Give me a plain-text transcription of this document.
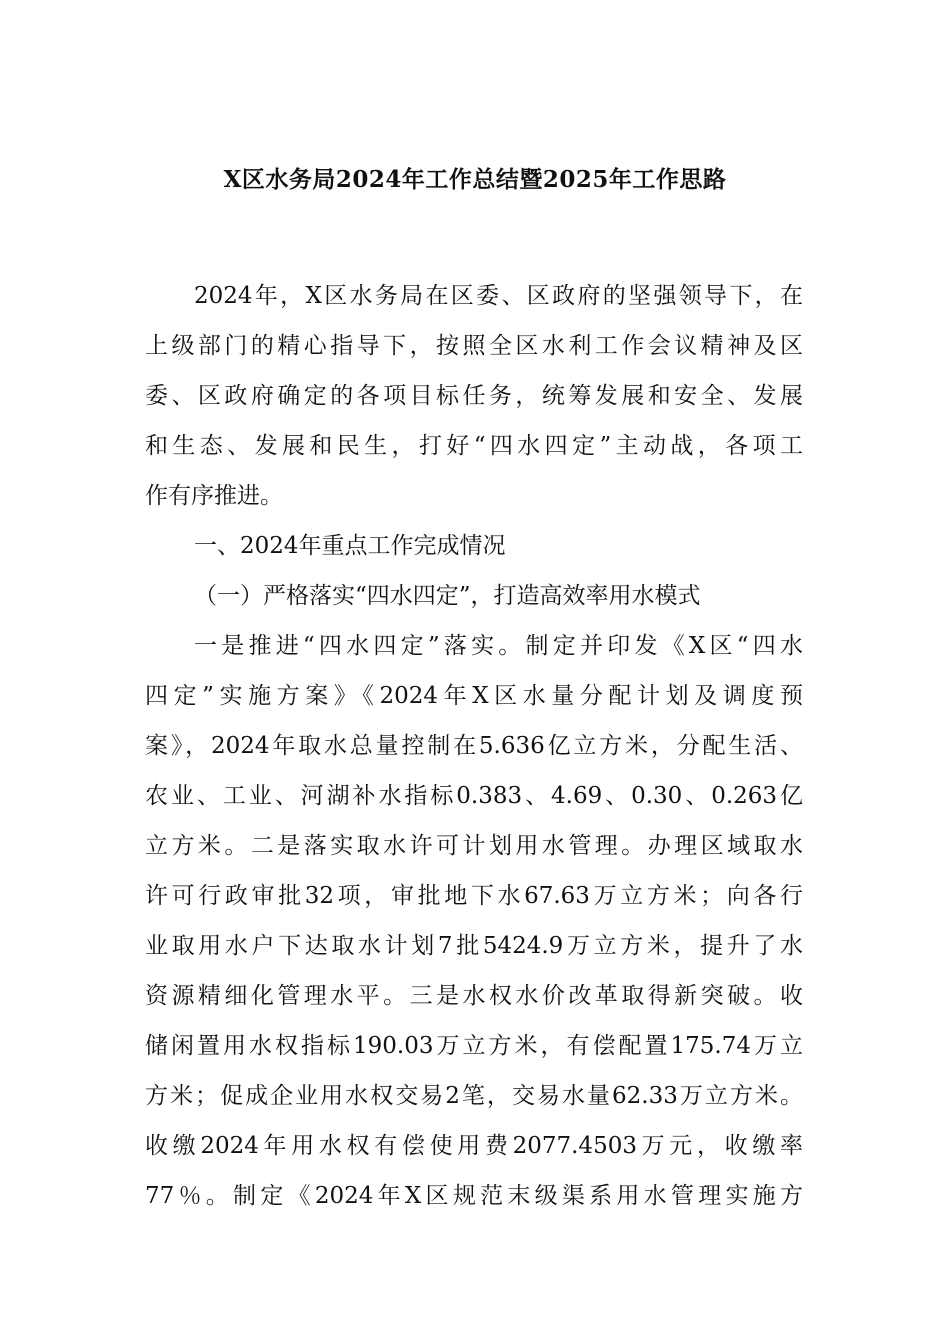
X区水务局2024年工作总结暨2025年工作思路
2024年，X区水务局在区委、区政府的坚强领导下，在
上级部门的精心指导下，按照全区水利工作会议精神及区
委、区政府确定的各项目标任务，统筹发展和安全、发展
和生态、发展和民生，打好“四水四定”主动战，各项工
作有序推进。
一、2024年重点工作完成情况
（一）严格落实“四水四定”，打造高效率用水模式
一是推进“四水四定”落实。制定并印发《X区“四水
四定”实施方案》《2024年X区水量分配计划及调度预
案》，2024年取水总量控制在5.636亿立方米，分配生活、
农业、工业、河湖补水指标0.383、4.69、0.30、0.263亿
立方米。二是落实取水许可计划用水管理。办理区域取水
许可行政审批32项，审批地下水67.63万立方米；向各行
业取用水户下达取水计划7批5424.9万立方米，提升了水
资源精细化管理水平。三是水权水价改革取得新突破。收
储闲置用水权指标190.03万立方米，有偿配置175.74万立
方米；促成企业用水权交易2笔，交易水量62.33万立方米。
收缴2024年用水权有偿使用费2077.4503万元，收缴率
77％。制定《2024年X区规范末级渠系用水管理实施方
